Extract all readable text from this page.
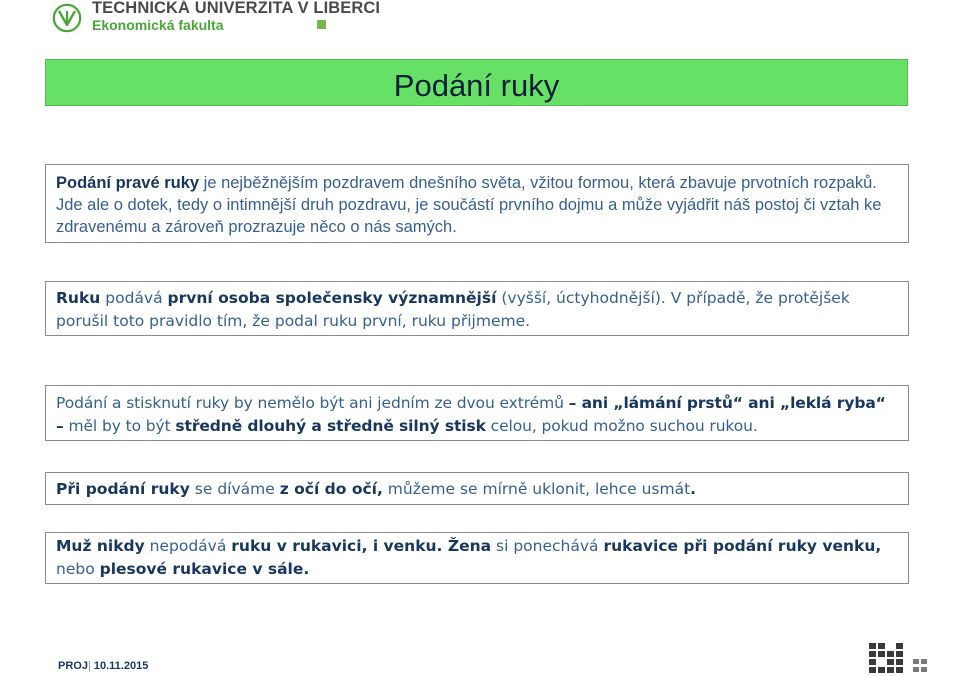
TECHNICKÁ UNIVERZITA V LIBERCI
Ekonomická fakulta
Podání ruky
Podání pravé ruky je nejběžnějším pozdravem dnešního světa, vžitou formou, která zbavuje prvotních rozpaků. Jde ale o dotek, tedy o intimnější druh pozdravu, je součástí prvního dojmu a může vyjádřit náš postoj či vztah ke zdravenému a zároveň prozrazuje něco o nás samých.
Ruku podává první osoba společensky významnější (vyšší, úctyhodnější). V případě, že protějšek porušil toto pravidlo tím, že podal ruku první, ruku přijmeme.
Podání a stisknutí ruky by nemělo být ani jedním ze dvou extrémů – ani „lámání prstů“ ani „leklá ryba“ – měl by to být středně dlouhý a středně silný stisk celou, pokud možno suchou rukou.
Při podání ruky se díváme z očí do očí, můžeme se mírně uklonit, lehce usmát.
Muž nikdy nepodává ruku v rukavici, i venku. Žena si ponechává rukavice při podání ruky venku, nebo plesové rukavice v sále.
PROJ| 10.11.2015
